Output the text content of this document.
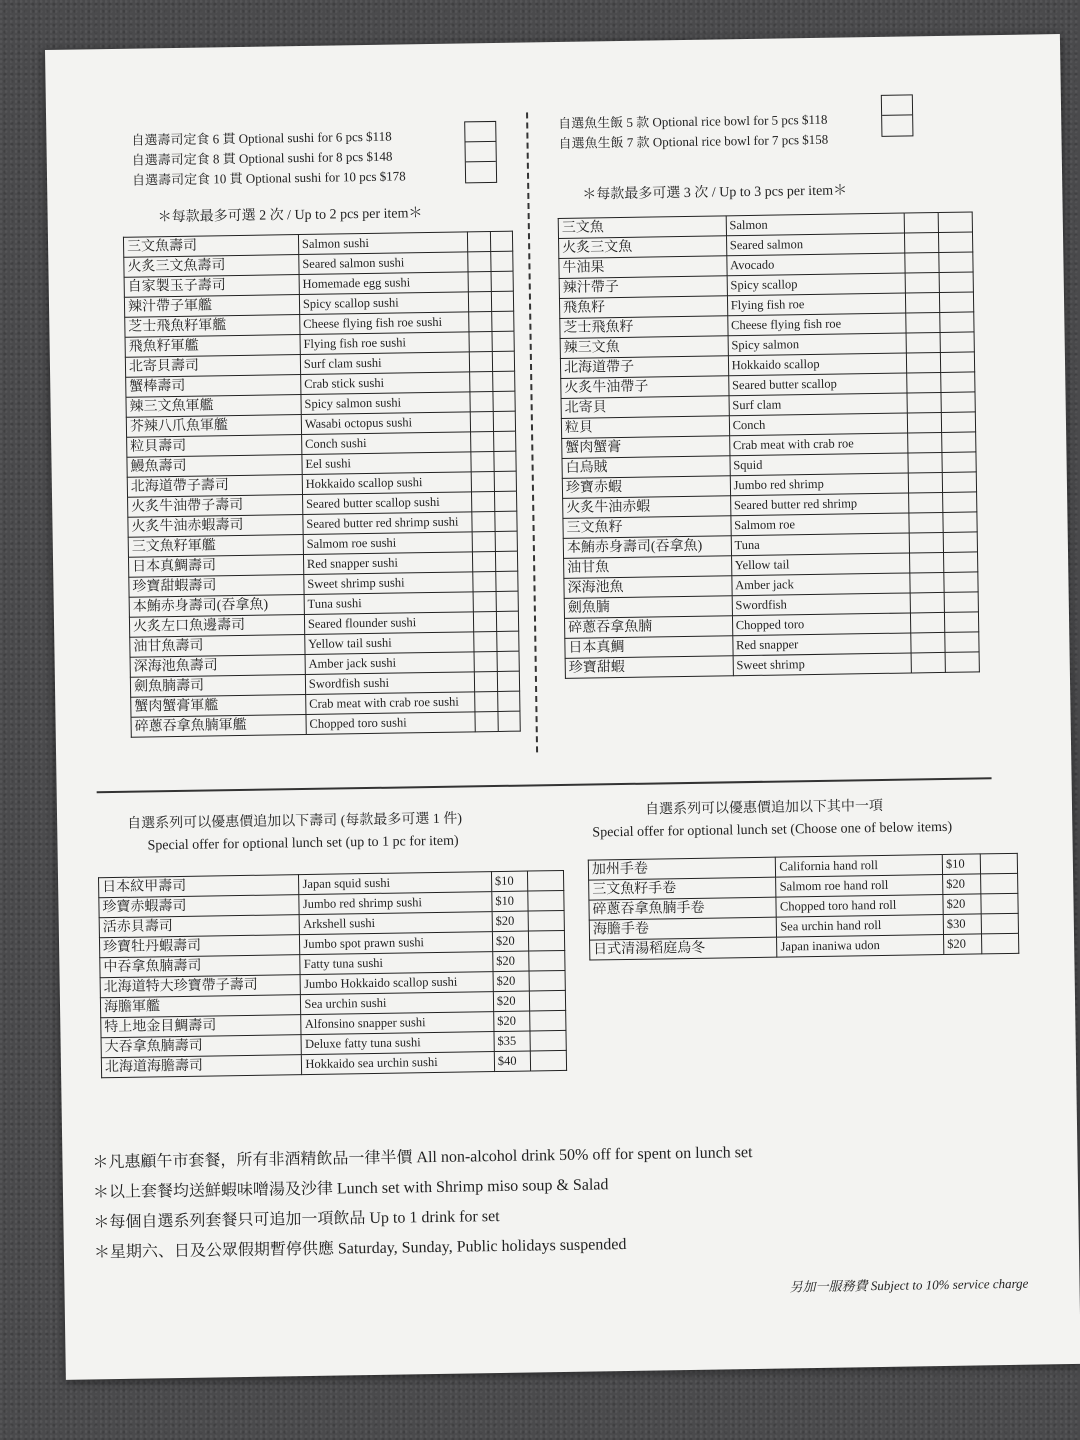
自選壽司定食 6 貫 Optional sushi for 6 pcs $118
自選壽司定食 8 貫 Optional sushi for 8 pcs $148
自選壽司定食 10 貫 Optional sushi for 10 pcs $178
自選魚生飯 5 款 Optional rice bowl for 5 pcs $118
自選魚生飯 7 款 Optional rice bowl for 7 pcs $158
＊每款最多可選 2 次 / Up to 2 pcs per item＊
＊每款最多可選 3 次 / Up to 3 pcs per item＊
三文魚壽司	Salmon sushi		
火炙三文魚壽司	Seared salmon sushi		
自家製玉子壽司	Homemade egg sushi		
辣汁帶子軍艦	Spicy scallop sushi		
芝士飛魚籽軍艦	Cheese flying fish roe sushi		
飛魚籽軍艦	Flying fish roe sushi		
北寄貝壽司	Surf clam sushi		
蟹棒壽司	Crab stick sushi		
辣三文魚軍艦	Spicy salmon sushi		
芥辣八爪魚軍艦	Wasabi octopus sushi		
粒貝壽司	Conch sushi		
鰻魚壽司	Eel sushi		
北海道帶子壽司	Hokkaido scallop sushi		
火炙牛油帶子壽司	Seared butter scallop sushi		
火炙牛油赤蝦壽司	Seared butter red shrimp sushi		
三文魚籽軍艦	Salmom roe sushi		
日本真鯛壽司	Red snapper sushi		
珍寶甜蝦壽司	Sweet shrimp sushi		
本鮪赤身壽司(吞拿魚)	Tuna sushi		
火炙左口魚邊壽司	Seared flounder sushi		
油甘魚壽司	Yellow tail sushi		
深海池魚壽司	Amber jack sushi		
劍魚腩壽司	Swordfish sushi		
蟹肉蟹膏軍艦	Crab meat with crab roe sushi		
碎蔥吞拿魚腩軍艦	Chopped toro sushi		
三文魚	Salmon		
火炙三文魚	Seared salmon		
牛油果	Avocado		
辣汁帶子	Spicy scallop		
飛魚籽	Flying fish roe		
芝士飛魚籽	Cheese flying fish roe		
辣三文魚	Spicy salmon		
北海道帶子	Hokkaido scallop		
火炙牛油帶子	Seared butter scallop		
北寄貝	Surf clam		
粒貝	Conch		
蟹肉蟹膏	Crab meat with crab roe		
白烏賊	Squid		
珍寶赤蝦	Jumbo red shrimp		
火炙牛油赤蝦	Seared butter red shrimp		
三文魚籽	Salmom roe		
本鮪赤身壽司(吞拿魚)	Tuna		
油甘魚	Yellow tail		
深海池魚	Amber jack		
劍魚腩	Swordfish		
碎蔥吞拿魚腩	Chopped toro		
日本真鯛	Red snapper		
珍寶甜蝦	Sweet shrimp		
自選系列可以優惠價追加以下壽司 (每款最多可選 1 件)
Special offer for optional lunch set (up to 1 pc for item)
自選系列可以優惠價追加以下其中一項
Special offer for optional lunch set (Choose one of below items)
日本紋甲壽司	Japan squid sushi	$10	
珍寶赤蝦壽司	Jumbo red shrimp sushi	$10	
活赤貝壽司	Arkshell sushi	$20	
珍寶牡丹蝦壽司	Jumbo spot prawn sushi	$20	
中吞拿魚腩壽司	Fatty tuna sushi	$20	
北海道特大珍寶帶子壽司	Jumbo Hokkaido scallop sushi	$20	
海膽軍艦	Sea urchin sushi	$20	
特上地金目鯛壽司	Alfonsino snapper sushi	$20	
大吞拿魚腩壽司	Deluxe fatty tuna sushi	$35	
北海道海膽壽司	Hokkaido sea urchin sushi	$40	
加州手卷	California hand roll	$10	
三文魚籽手卷	Salmom roe hand roll	$20	
碎蔥吞拿魚腩手卷	Chopped toro hand roll	$20	
海膽手卷	Sea urchin hand roll	$30	
日式清湯稻庭烏冬	Japan inaniwa udon	$20	
＊凡惠顧午市套餐，所有非酒精飲品一律半價 All non-alcohol drink 50% off for spent on lunch set
＊以上套餐均送鮮蝦味噌湯及沙律 Lunch set with Shrimp miso soup & Salad
＊每個自選系列套餐只可追加一項飲品 Up to 1 drink for set
＊星期六、日及公眾假期暫停供應 Saturday, Sunday, Public holidays suspended
另加一服務費 Subject to 10% service charge
